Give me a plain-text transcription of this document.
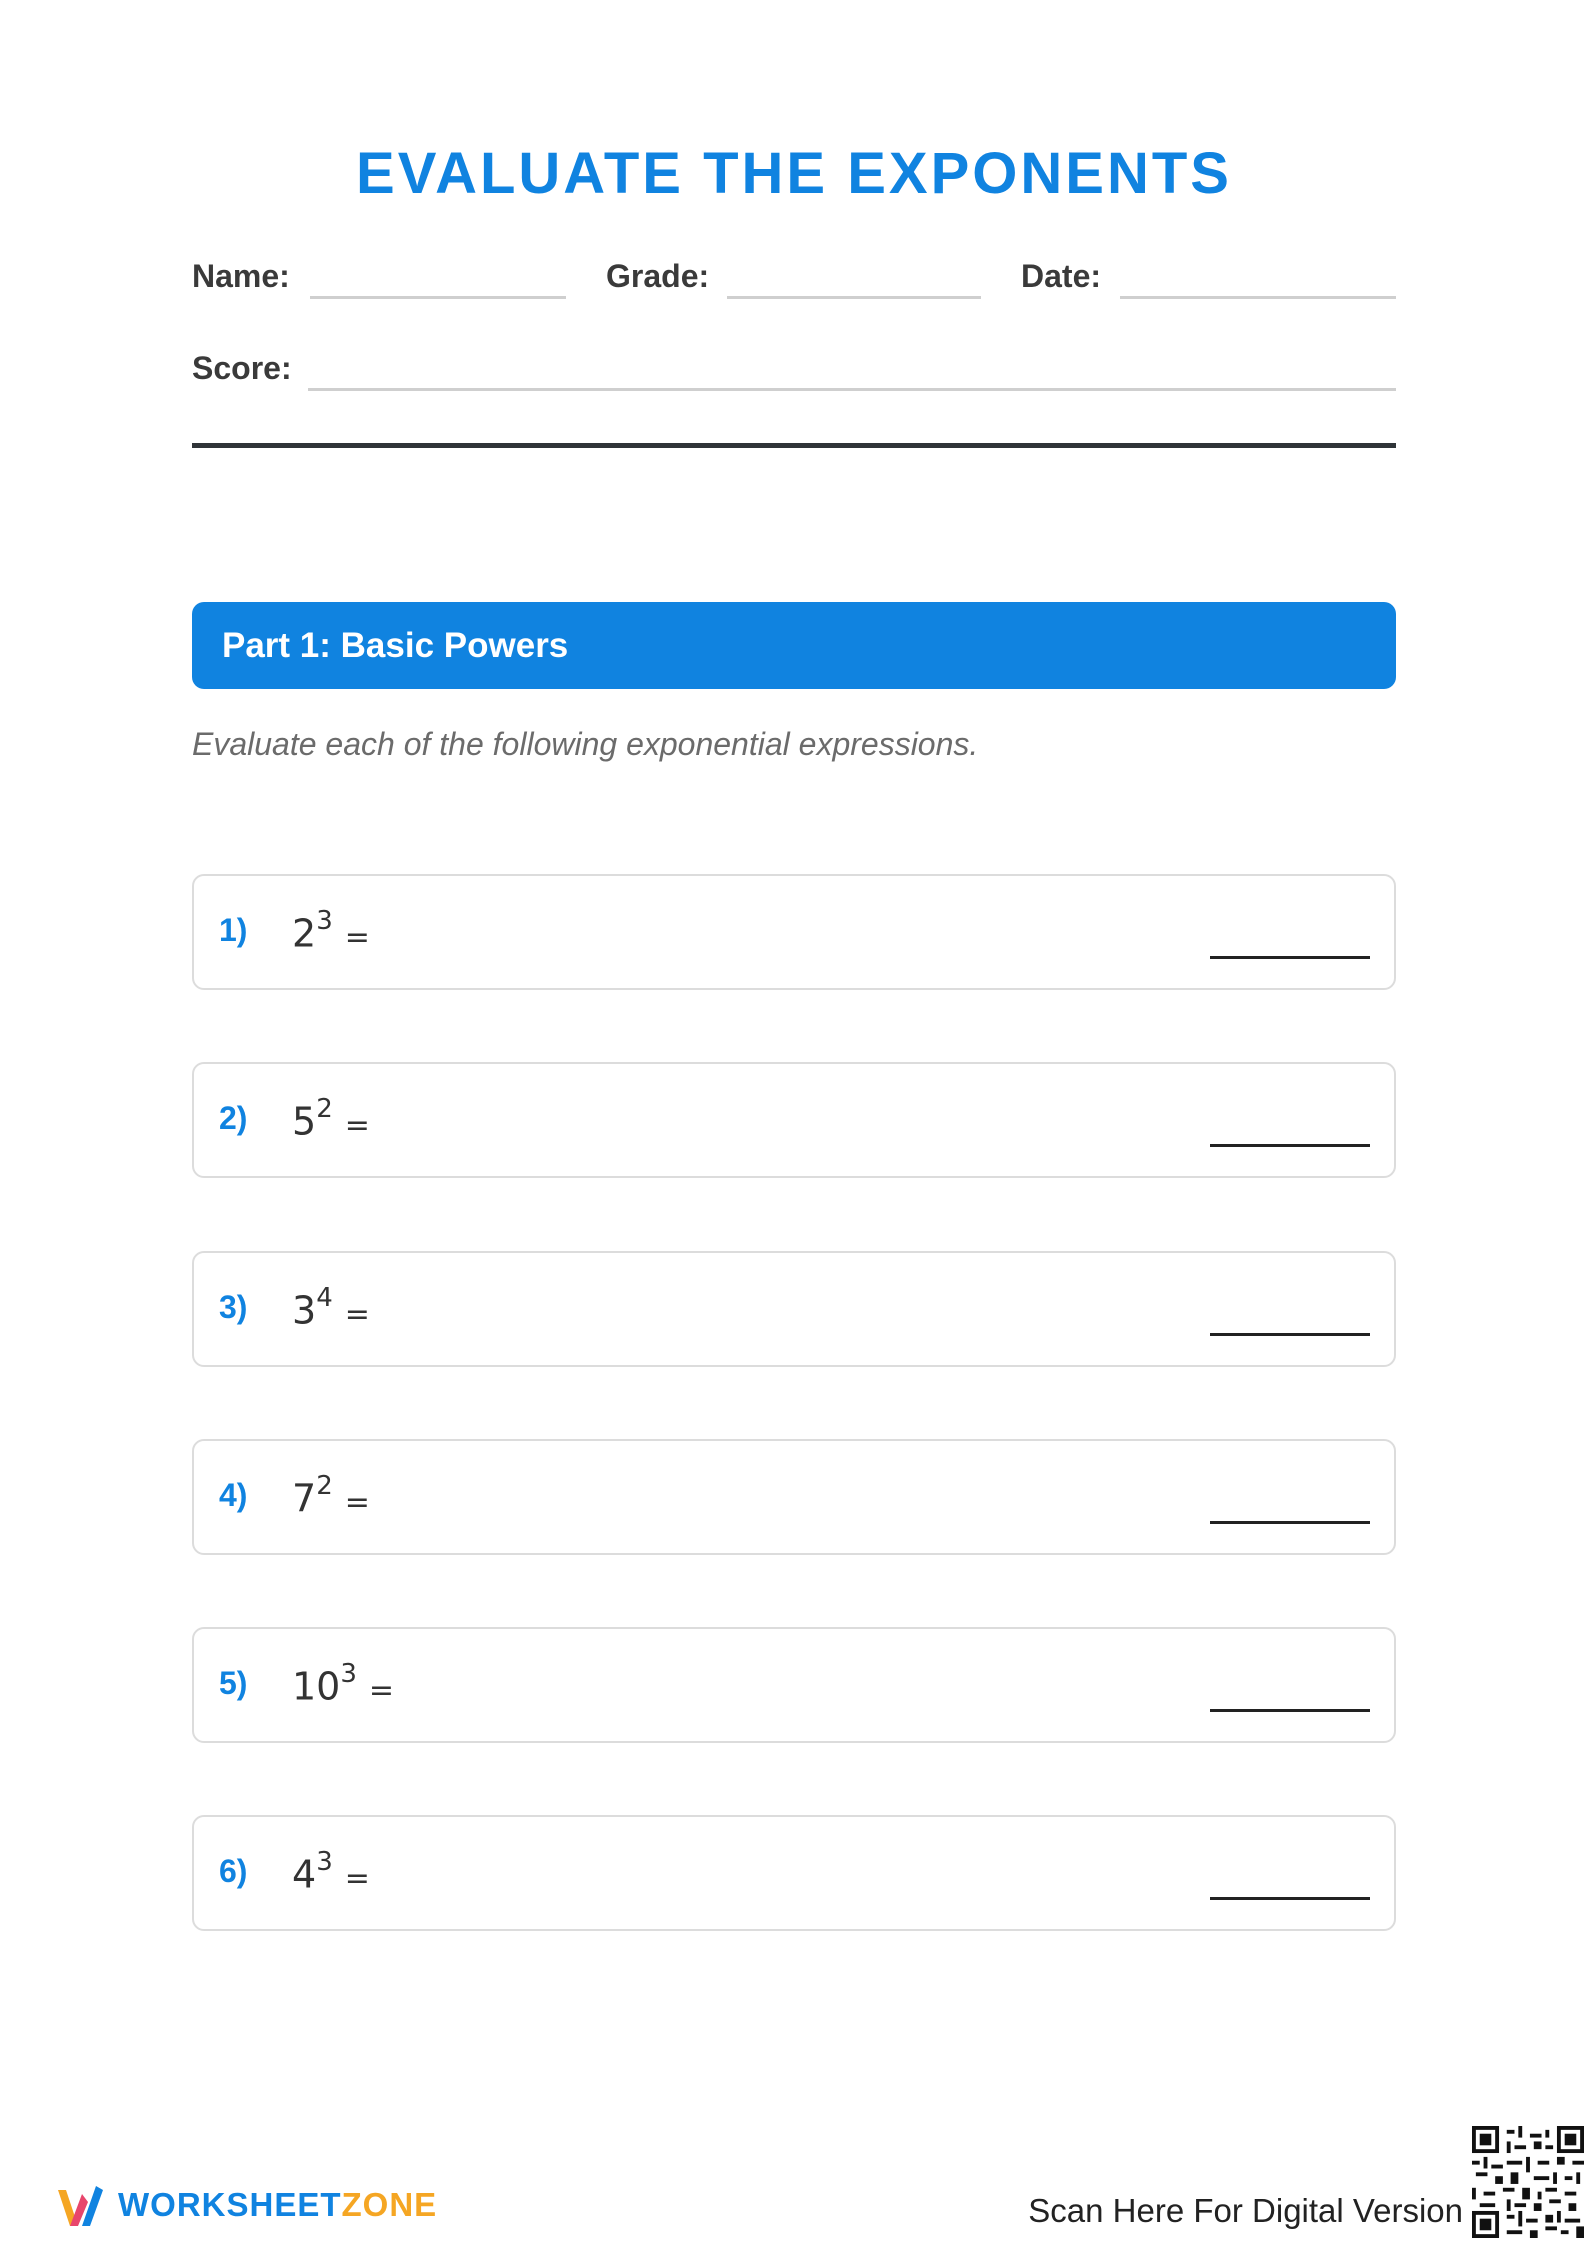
EVALUATE THE EXPONENTS
Name:	Grade:	Date:
Score:
Part 1: Basic Powers
Evaluate each of the following exponential expressions.
1) $2^3$ =
2) $5^2$ =
3) $3^4$ =
4) $7^2$ =
5) $10^3$ =
6) $4^3$ =
WORKSHEETZONE	Scan Here For Digital Version
